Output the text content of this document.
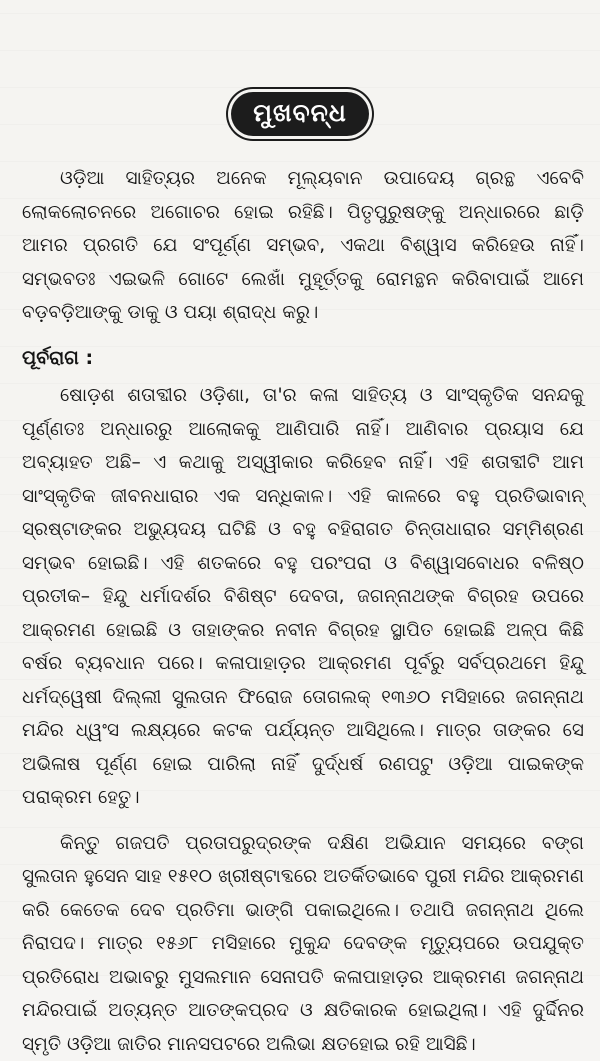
ମୁଖବନ୍ଧ

ଓଡ଼ିଆ ସାହିତ୍ୟର ଅନେକ ମୂଲ୍ୟବାନ ଉପାଦେୟ ଗ୍ରନ୍ଥ ଏବେବି ଲୋକଲୋଚନରେ ଅଗୋଚର ହୋଇ ରହିଛି। ପିତୃପୁରୁଷଙ୍କୁ ଅନ୍ଧାରରେ ଛାଡ଼ି ଆମର ପ୍ରଗତି ଯେ ସଂପୂର୍ଣ୍ଣ ସମ୍ଭବ, ଏକଥା ବିଶ୍ୱାସ କରିହେଉ ନାହିଁ। ସମ୍ଭବତଃ ଏଇଭଳି ଗୋଟେ ଲେଖାଁ ମୁହୂର୍ତ୍ତକୁ ରୋମନ୍ଥନ କରିବାପାଇଁ ଆମେ ବଡ଼ବଡ଼ିଆଙ୍କୁ ଡାକୁ ଓ ପୟା ଶ୍ରାଦ୍ଧ କରୁ।

ପୂର୍ବରାଗ :

ଷୋଡ଼ଶ ଶତାବ୍ଦୀର ଓଡ଼ିଶା, ତା'ର କଳା ସାହିତ୍ୟ ଓ ସାଂସ୍କୃତିକ ସନନ୍ଦକୁ ପୂର୍ଣ୍ଣତଃ ଅନ୍ଧାରରୁ ଆଲୋକକୁ ଆଣିପାରି ନାହିଁ। ଆଣିବାର ପ୍ରୟାସ ଯେ ଅବ୍ୟାହତ ଅଛି– ଏ କଥାକୁ ଅସ୍ୱୀକାର କରିହେବ ନାହିଁ। ଏହି ଶତାବ୍ଦୀଟି ଆମ ସାଂସ୍କୃତିକ ଜୀବନଧାରାର ଏକ ସନ୍ଧିକାଳ। ଏହି କାଳରେ ବହୁ ପ୍ରତିଭାବାନ୍ ସ୍ରଷ୍ଟାଙ୍କର ଅଭ୍ୟୁଦୟ ଘଟିଛି ଓ ବହୁ ବହିରାଗତ ଚିନ୍ତାଧାରାର ସମ୍ମିଶ୍ରଣ ସମ୍ଭବ ହୋଇଛି। ଏହି ଶତକରେ ବହୁ ପରଂପରା ଓ ବିଶ୍ୱାସବୋଧର ବଳିଷ୍ଠ ପ୍ରତୀକ– ହିନ୍ଦୁ ଧର୍ମାଦର୍ଶର ବିଶିଷ୍ଟ ଦେବତା, ଜଗନ୍ନାଥଙ୍କ ବିଗ୍ରହ ଉପରେ ଆକ୍ରମଣ ହୋଇଛି ଓ ତାହାଙ୍କର ନବୀନ ବିଗ୍ରହ ସ୍ଥାପିତ ହୋଇଛି ଅଳ୍ପ କିଛି ବର୍ଷର ବ୍ୟବଧାନ ପରେ। କଳାପାହାଡ଼ର ଆକ୍ରମଣ ପୂର୍ବରୁ ସର୍ବପ୍ରଥମେ ହିନ୍ଦୁ ଧର୍ମଦ୍ୱେଷୀ ଦିଲ୍ଲୀ ସୁଲତାନ ଫିରୋଜ ତୋଗଲକ୍ ୧୩୬୦ ମସିହାରେ ଜଗନ୍ନାଥ ମନ୍ଦିର ଧ୍ୱଂସ ଲକ୍ଷ୍ୟରେ କଟକ ପର୍ଯ୍ୟନ୍ତ ଆସିଥିଲେ। ମାତ୍ର ତାଙ୍କର ସେ ଅଭିଳାଷ ପୂର୍ଣ୍ଣ ହୋଇ ପାରିଲା ନାହିଁ ଦୁର୍ଦ୍ଧର୍ଷ ରଣପଟୁ ଓଡ଼ିଆ ପାଇକଙ୍କ ପରାକ୍ରମ ହେତୁ।

କିନ୍ତୁ ଗଜପତି ପ୍ରତାପରୁଦ୍ରଙ୍କ ଦକ୍ଷିଣ ଅଭିଯାନ ସମୟରେ ବଙ୍ଗ ସୁଲତାନ ହୁସେନ ସାହ ୧୫୧୦ ଖ୍ରୀଷ୍ଟାବ୍ଦରେ ଅତର୍କିତଭାବେ ପୁରୀ ମନ୍ଦିର ଆକ୍ରମଣ କରି କେତେକ ଦେବ ପ୍ରତିମା ଭାଙ୍ଗି ପକାଇଥିଲେ। ତଥାପି ଜଗନ୍ନାଥ ଥିଲେ ନିରାପଦ। ମାତ୍ର ୧୫୬୮ ମସିହାରେ ମୁକୁନ୍ଦ ଦେବଙ୍କ ମୃତ୍ୟୁପରେ ଉପଯୁକ୍ତ ପ୍ରତିରୋଧ ଅଭାବରୁ ମୁସଲମାନ ସେନାପତି କଳାପାହାଡ଼ର ଆକ୍ରମଣ ଜଗନ୍ନାଥ ମନ୍ଦିରପାଇଁ ଅତ୍ୟନ୍ତ ଆତଙ୍କପ୍ରଦ ଓ କ୍ଷତିକାରକ ହୋଇଥିଲା। ଏହି ଦୁର୍ଦ୍ଦିନର ସ୍ମୃତି ଓଡ଼ିଆ ଜାତିର ମାନସପଟରେ ଅଲିଭା କ୍ଷତହୋଇ ରହି ଆସିଛି।
